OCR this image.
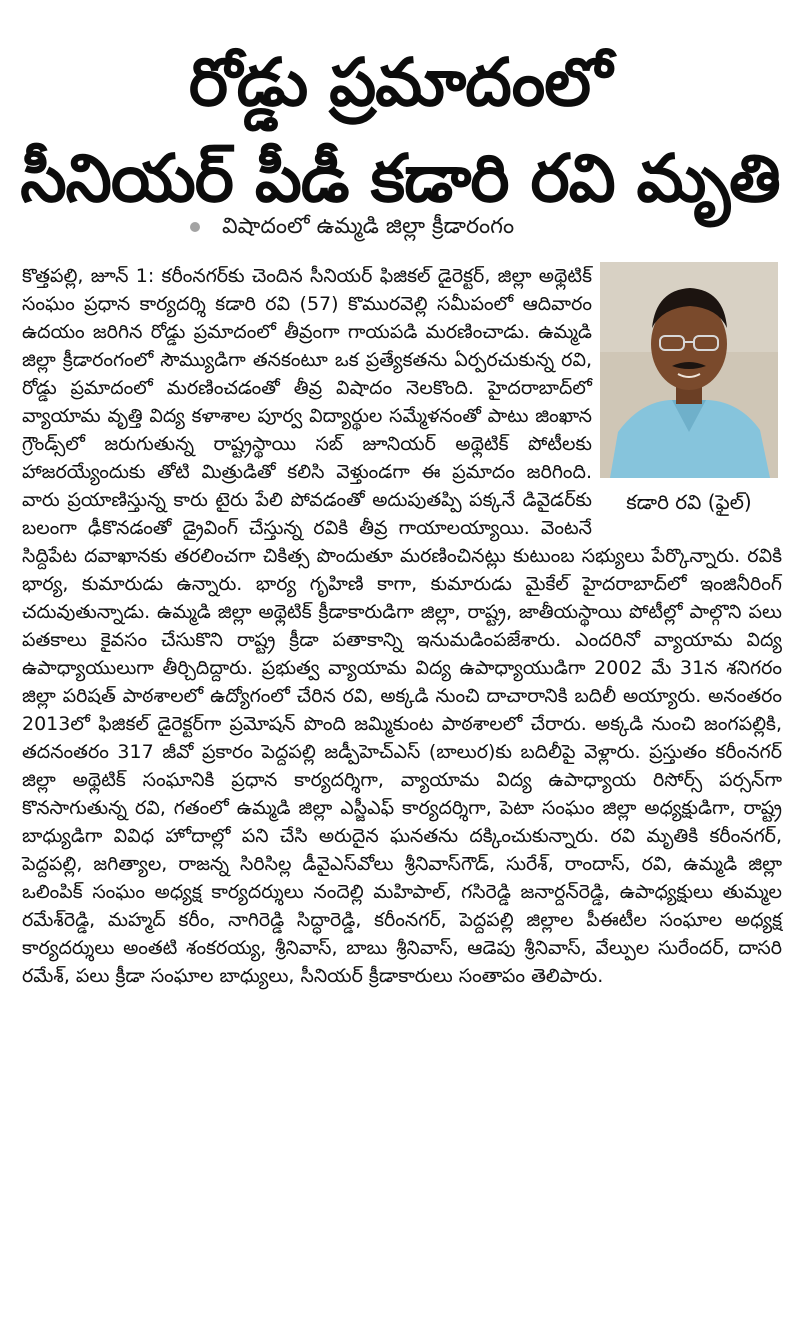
రోడ్డు ప్రమాదంలో
సీనియర్ పీడీ కడారి రవి మృతి
విషాదంలో ఉమ్మడి జిల్లా క్రీడారంగం

కొత్తపల్లి, జూన్ 1: కరీంనగర్‌కు చెందిన సీనియర్ ఫిజికల్ డైరెక్టర్, జిల్లా అథ్లెటిక్ సంఘం ప్రధాన కార్యదర్శి కడారి రవి (57) కొమురవెల్లి సమీపంలో ఆదివారం ఉదయం జరిగిన రోడ్డు ప్రమాదంలో తీవ్రంగా గాయపడి మరణించాడు. ఉమ్మడి జిల్లా క్రీడారంగంలో సౌమ్యుడిగా తనకంటూ ఒక ప్రత్యేకతను ఏర్పరచుకున్న రవి, రోడ్డు ప్రమాదంలో మరణించడంతో తీవ్ర విషాదం నెలకొంది. హైదరాబాద్‌లో వ్యాయామ వృత్తి విద్య కళాశాల పూర్వ విద్యార్థుల సమ్మేళనంతో పాటు జింఖాన గ్రౌండ్స్‌లో జరుగుతున్న రాష్ట్రస్థాయి సబ్ జూనియర్ అథ్లెటిక్ పోటీలకు హాజరయ్యేందుకు తోటి మిత్రుడితో కలిసి వెళ్తుండగా ఈ ప్రమాదం జరిగింది. వారు ప్రయాణిస్తున్న కారు టైరు పేలి పోవడంతో అదుపుతప్పి పక్కనే డివైడర్‌కు బలంగా ఢీకొనడంతో డ్రైవింగ్ చేస్తున్న రవికి తీవ్ర గాయాలయ్యాయి. వెంటనే సిద్దిపేట దవాఖానకు తరలించగా చికిత్స పొందుతూ మరణించినట్లు కుటుంబ సభ్యులు పేర్కొన్నారు. రవికి భార్య, కుమారుడు ఉన్నారు. భార్య గృహిణి కాగా, కుమారుడు మైకేల్ హైదరాబాద్‌లో ఇంజినీరింగ్ చదువుతున్నాడు. ఉమ్మడి జిల్లా అథ్లెటిక్ క్రీడాకారుడిగా జిల్లా, రాష్ట్ర, జాతీయస్థాయి పోటీల్లో పాల్గొని పలు పతకాలు కైవసం చేసుకొని రాష్ట్ర క్రీడా పతాకాన్ని ఇనుమడింపజేశారు. ఎందరినో వ్యాయామ విద్య ఉపాధ్యాయులుగా తీర్చిదిద్దారు. ప్రభుత్వ వ్యాయామ విద్య ఉపాధ్యాయుడిగా 2002 మే 31న శనిగరం జిల్లా పరిషత్ పాఠశాలలో ఉద్యోగంలో చేరిన రవి, అక్కడి నుంచి దాచారానికి బదిలీ అయ్యారు. అనంతరం 2013లో ఫిజికల్ డైరెక్టర్‌గా ప్రమోషన్ పొంది జమ్మికుంట పాఠశాలలో చేరారు. అక్కడి నుంచి జంగపల్లికి, తదనంతరం 317 జీవో ప్రకారం పెద్దపల్లి జడ్పీహెచ్ఎస్ (బాలుర)కు బదిలీపై వెళ్లారు. ప్రస్తుతం కరీంనగర్ జిల్లా అథ్లెటిక్ సంఘానికి ప్రధాన కార్యదర్శిగా, వ్యాయామ విద్య ఉపాధ్యాయ రిసోర్స్ పర్సన్‌గా కొనసాగుతున్న రవి, గతంలో ఉమ్మడి జిల్లా ఎస్జీఎఫ్ కార్యదర్శిగా, పెటా సంఘం జిల్లా అధ్యక్షుడిగా, రాష్ట్ర బాధ్యుడిగా వివిధ హోదాల్లో పని చేసి అరుదైన ఘనతను దక్కించుకున్నారు. రవి మృతికి కరీంనగర్, పెద్దపల్లి, జగిత్యాల, రాజన్న సిరిసిల్ల డీవైఎస్‌వోలు శ్రీనివాస్‌గౌడ్, సురేశ్, రాందాస్, రవి, ఉమ్మడి జిల్లా ఒలింపిక్ సంఘం అధ్యక్ష కార్యదర్శులు నందెల్లి మహిపాల్, గసిరెడ్డి జనార్దన్‌రెడ్డి, ఉపాధ్యక్షులు తుమ్మల రమేశ్‌రెడ్డి, మహ్మద్ కరీం, నాగిరెడ్డి సిద్ధారెడ్డి, కరీంనగర్, పెద్దపల్లి జిల్లాల పీఈటీల సంఘాల అధ్యక్ష కార్యదర్శులు అంతటి శంకరయ్య, శ్రీనివాస్, బాబు శ్రీనివాస్, ఆడెపు శ్రీనివాస్, వేల్పుల సురేందర్, దాసరి రమేశ్, పలు క్రీడా సంఘాల బాధ్యులు, సీనియర్ క్రీడాకారులు సంతాపం తెలిపారు.

కడారి రవి (ఫైల్)
